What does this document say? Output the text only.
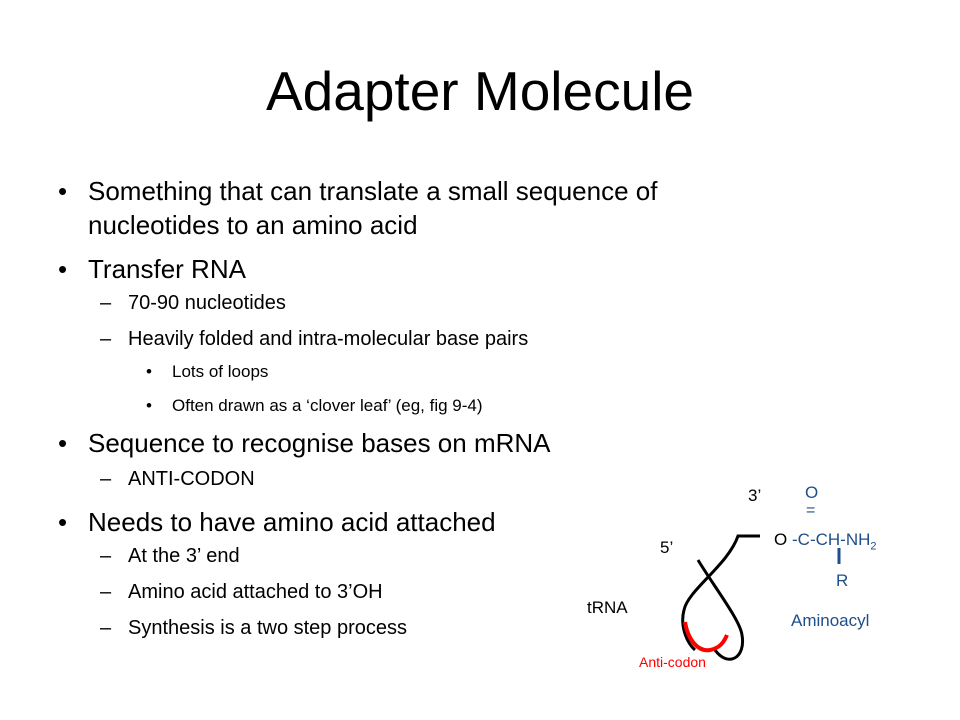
Adapter Molecule
• Something that can translate a small sequence of nucleotides to an amino acid
• Transfer RNA
– 70-90 nucleotides
– Heavily folded and intra-molecular base pairs
• Lots of loops
• Often drawn as a ‘clover leaf’ (eg, fig 9-4)
• Sequence to recognise bases on mRNA
– ANTI-CODON
• Needs to have amino acid attached
– At the 3’ end
– Amino acid attached to 3’OH
– Synthesis is a two step process
3’
5’
tRNA
Anti-codon
O
=
O $-C-CH-NH_2$
R
Aminoacyl
